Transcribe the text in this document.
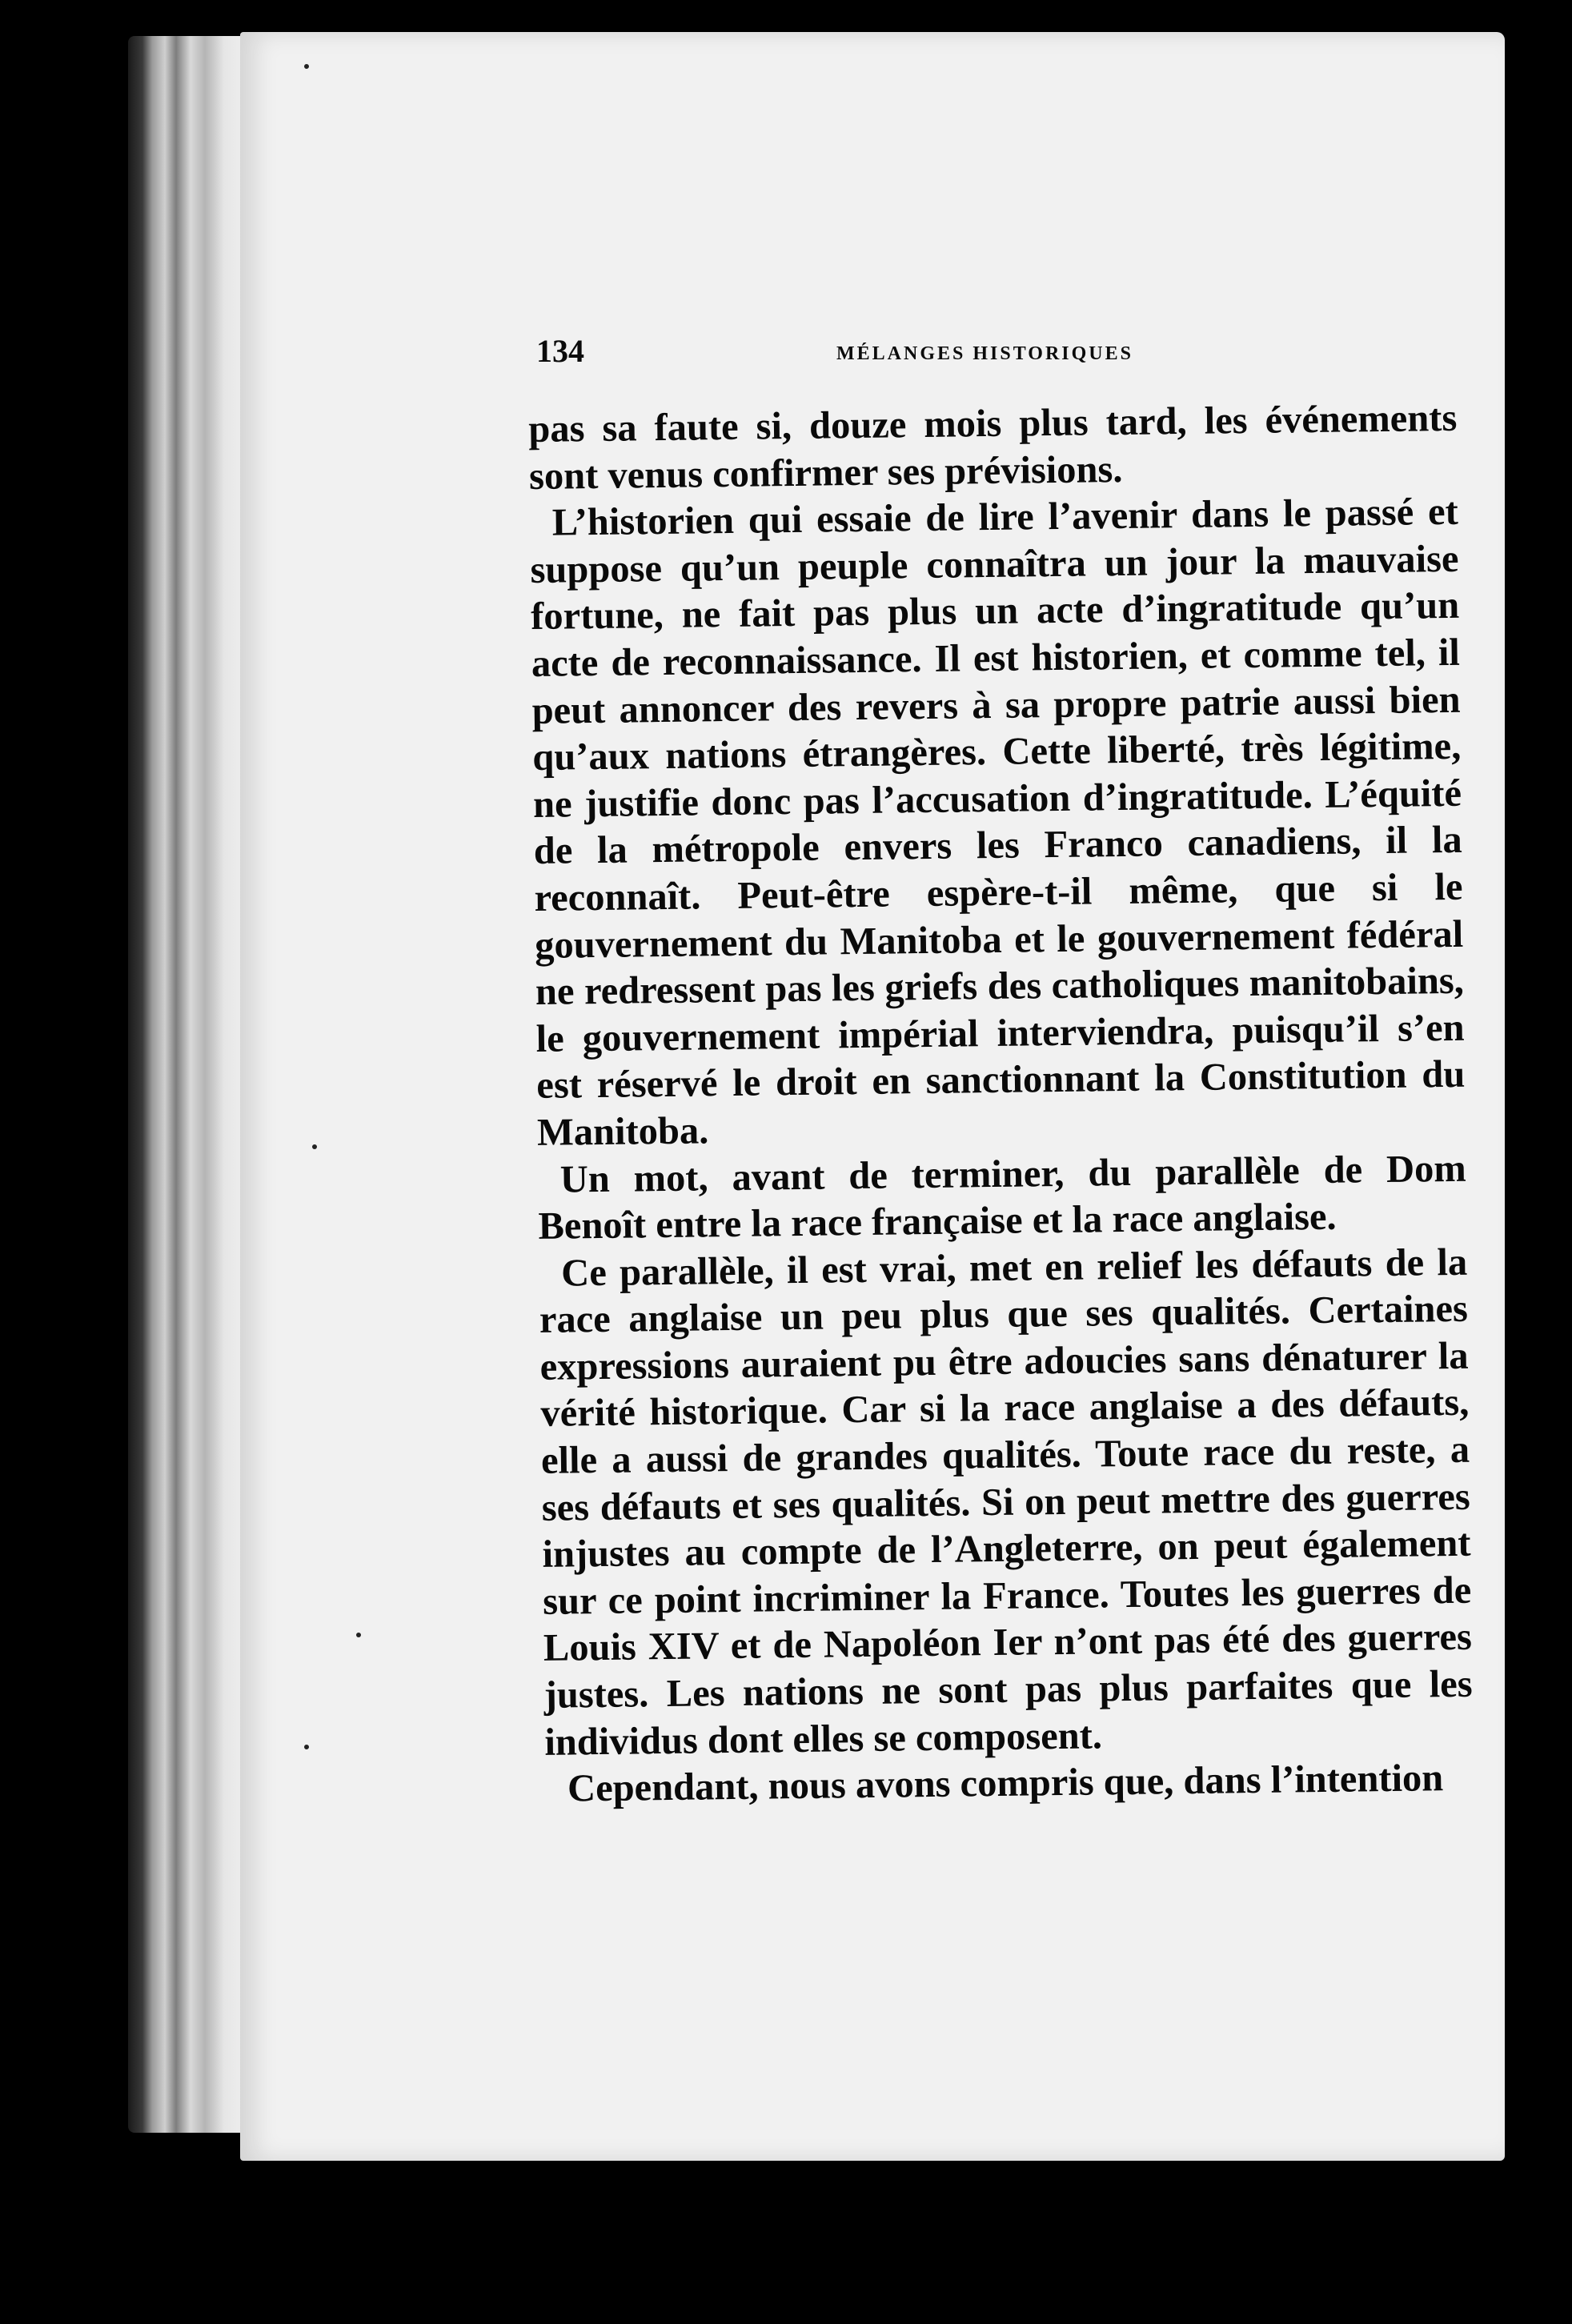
134	MÉLANGES HISTORIQUES

pas sa faute si, douze mois plus tard, les événements sont venus confirmer ses prévisions.

L’historien qui essaie de lire l’avenir dans le passé et suppose qu’un peuple connaîtra un jour la mauvaise fortune, ne fait pas plus un acte d’ingratitude qu’un acte de reconnaissance. Il est historien, et comme tel, il peut annoncer des revers à sa propre patrie aussi bien qu’aux nations étrangères. Cette liberté, très légitime, ne justifie donc pas l’accusation d’ingratitude. L’équité de la métropole envers les Franco canadiens, il la reconnaît. Peut-être espère-t-il même, que si le gouvernement du Manitoba et le gouvernement fédéral ne redressent pas les griefs des catholiques manitobains, le gouvernement impérial interviendra, puisqu’il s’en est réservé le droit en sanctionnant la Constitution du Manitoba.

Un mot, avant de terminer, du parallèle de Dom Benoît entre la race française et la race anglaise.

Ce parallèle, il est vrai, met en relief les défauts de la race anglaise un peu plus que ses qualités. Certaines expressions auraient pu être adoucies sans dénaturer la vérité historique. Car si la race anglaise a des défauts, elle a aussi de grandes qualités. Toute race du reste, a ses défauts et ses qualités. Si on peut mettre des guerres injustes au compte de l’Angleterre, on peut également sur ce point incriminer la France. Toutes les guerres de Louis XIV et de Napoléon Ier n’ont pas été des guerres justes. Les nations ne sont pas plus parfaites que les individus dont elles se composent.

Cependant, nous avons compris que, dans l’intention
